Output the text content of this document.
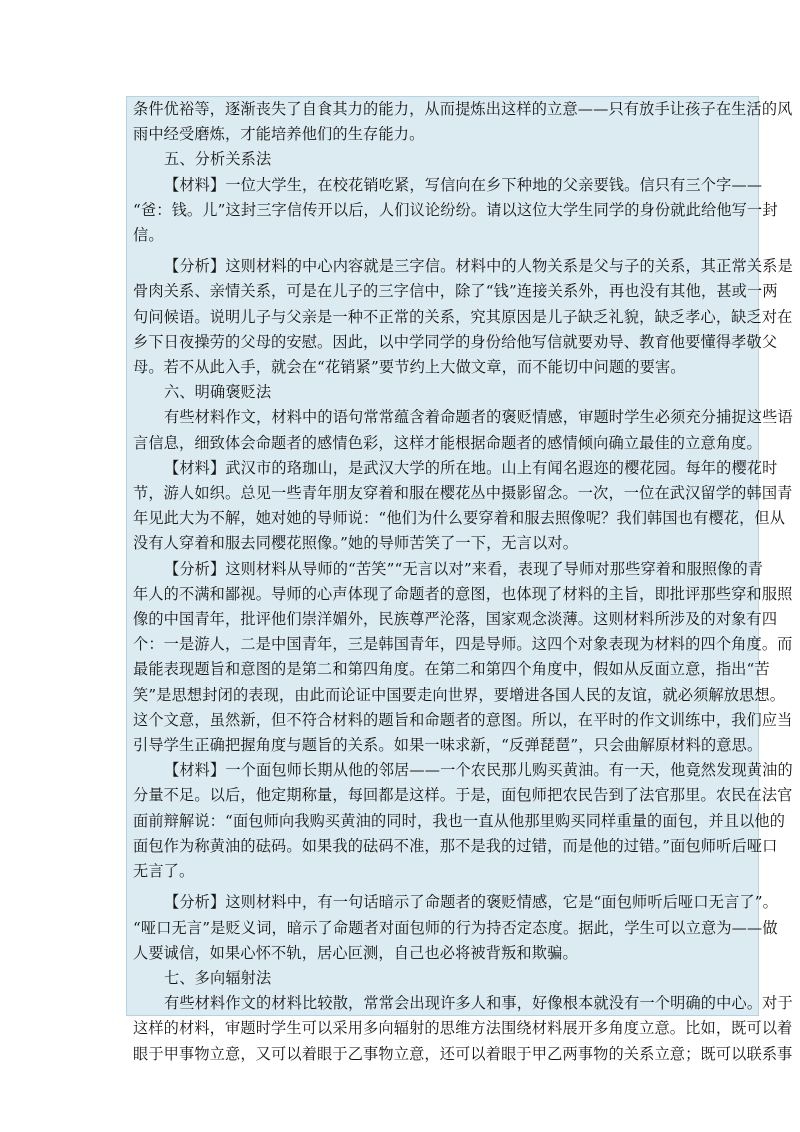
条件优裕等，逐渐丧失了自食其力的能力，从而提炼出这样的立意——只有放手让孩子在生活的风
雨中经受磨炼，才能培养他们的生存能力。
五、分析关系法
【材料】一位大学生，在校花销吃紧，写信向在乡下种地的父亲要钱。信只有三个字——
“爸：钱。儿”这封三字信传开以后，人们议论纷纷。请以这位大学生同学的身份就此给他写一封
信。
【分析】这则材料的中心内容就是三字信。材料中的人物关系是父与子的关系，其正常关系是
骨肉关系、亲情关系，可是在儿子的三字信中，除了“钱”连接关系外，再也没有其他，甚或一两
句问候语。说明儿子与父亲是一种不正常的关系，究其原因是儿子缺乏礼貌，缺乏孝心，缺乏对在
乡下日夜操劳的父母的安慰。因此，以中学同学的身份给他写信就要劝导、教育他要懂得孝敬父
母。若不从此入手，就会在“花销紧”要节约上大做文章，而不能切中问题的要害。
六、明确褒贬法
有些材料作文，材料中的语句常常蕴含着命题者的褒贬情感，审题时学生必须充分捕捉这些语
言信息，细致体会命题者的感情色彩，这样才能根据命题者的感情倾向确立最佳的立意角度。
【材料】武汉市的珞珈山，是武汉大学的所在地。山上有闻名遐迩的樱花园。每年的樱花时
节，游人如织。总见一些青年朋友穿着和服在樱花丛中摄影留念。一次，一位在武汉留学的韩国青
年见此大为不解，她对她的导师说：“他们为什么要穿着和服去照像呢？我们韩国也有樱花，但从
没有人穿着和服去同樱花照像。”她的导师苦笑了一下，无言以对。
【分析】这则材料从导师的“苦笑”“无言以对”来看，表现了导师对那些穿着和服照像的青
年人的不满和鄙视。导师的心声体现了命题者的意图，也体现了材料的主旨，即批评那些穿和服照
像的中国青年，批评他们崇洋媚外，民族尊严沦落，国家观念淡薄。这则材料所涉及的对象有四
个：一是游人，二是中国青年，三是韩国青年，四是导师。这四个对象表现为材料的四个角度。而
最能表现题旨和意图的是第二和第四角度。在第二和第四个角度中，假如从反面立意，指出“苦
笑”是思想封闭的表现，由此而论证中国要走向世界，要增进各国人民的友谊，就必须解放思想。
这个文意，虽然新，但不符合材料的题旨和命题者的意图。所以，在平时的作文训练中，我们应当
引导学生正确把握角度与题旨的关系。如果一味求新，“反弹琵琶”，只会曲解原材料的意思。
【材料】一个面包师长期从他的邻居——一个农民那儿购买黄油。有一天，他竟然发现黄油的
分量不足。以后，他定期称量，每回都是这样。于是，面包师把农民告到了法官那里。农民在法官
面前辩解说：“面包师向我购买黄油的同时，我也一直从他那里购买同样重量的面包，并且以他的
面包作为称黄油的砝码。如果我的砝码不准，那不是我的过错，而是他的过错。”面包师听后哑口
无言了。
【分析】这则材料中，有一句话暗示了命题者的褒贬情感，它是“面包师听后哑口无言了”。
“哑口无言”是贬义词，暗示了命题者对面包师的行为持否定态度。据此，学生可以立意为——做
人要诚信，如果心怀不轨，居心叵测，自己也必将被背叛和欺骗。
七、多向辐射法
有些材料作文的材料比较散，常常会出现许多人和事，好像根本就没有一个明确的中心。对于
这样的材料，审题时学生可以采用多向辐射的思维方法围绕材料展开多角度立意。比如，既可以着
眼于甲事物立意，又可以着眼于乙事物立意，还可以着眼于甲乙两事物的关系立意；既可以联系事
